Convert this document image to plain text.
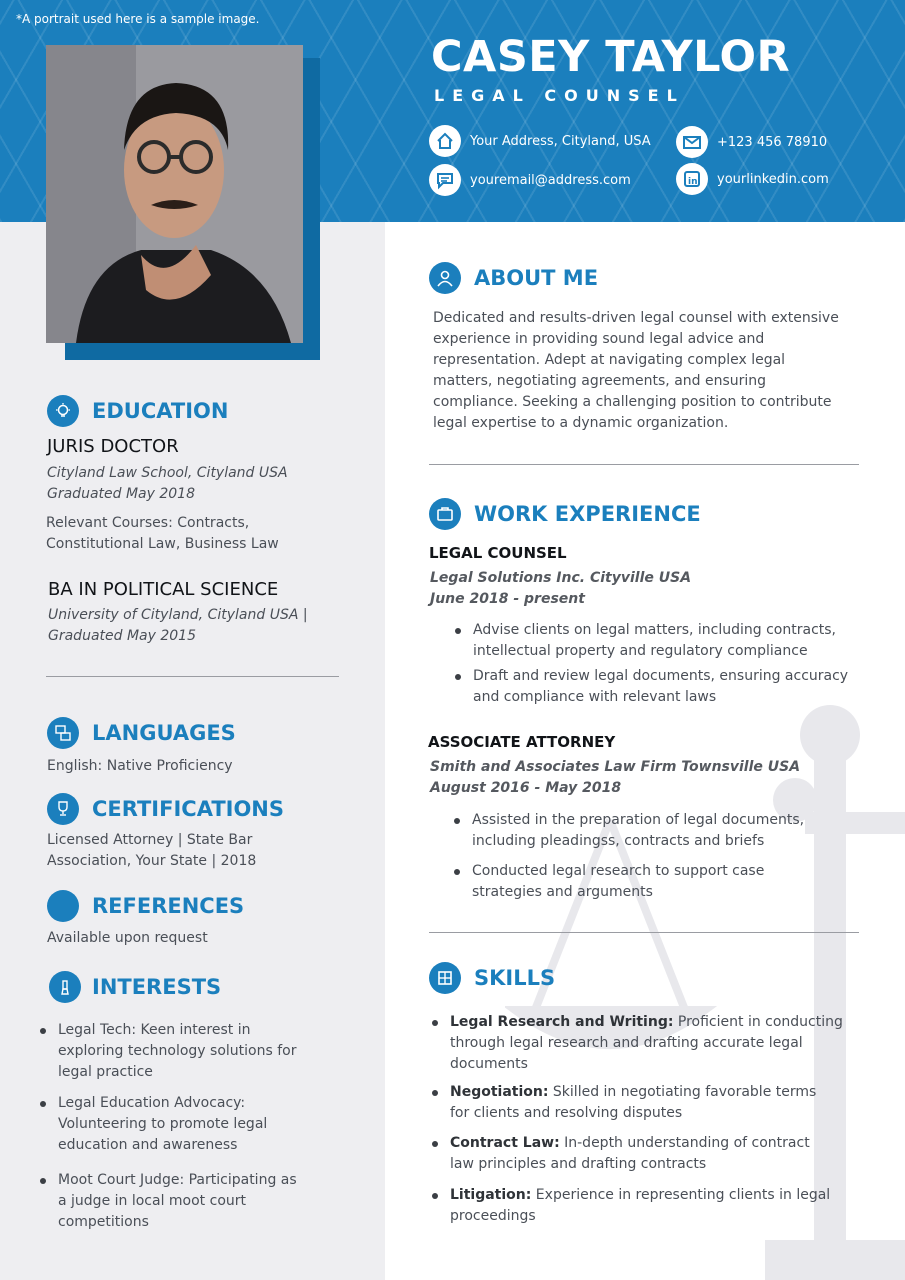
*A portrait used here is a sample image.
CASEY TAYLOR
LEGAL COUNSEL
Your Address, Cityland, USA	+123 456 78910
youremail@address.com	in yourlinkedin.com
ABOUT ME
Dedicated and results-driven legal counsel with extensive
experience in providing sound legal advice and
representation. Adept at navigating complex legal
matters, negotiating agreements, and ensuring
compliance. Seeking a challenging position to contribute
legal expertise to a dynamic organization.
WORK EXPERIENCE
LEGAL COUNSEL
Legal Solutions Inc. Cityville USA
June 2018 - present
Advise clients on legal matters, including contracts,
intellectual property and regulatory compliance
Draft and review legal documents, ensuring accuracy
and compliance with relevant laws
ASSOCIATE ATTORNEY
Smith and Associates Law Firm Townsville USA
August 2016 - May 2018
Assisted in the preparation of legal documents,
including pleadingss, contracts and briefs
Conducted legal research to support case
strategies and arguments
SKILLS
Legal Research and Writing: Proficient in conducting
through legal research and drafting accurate legal
documents
Negotiation: Skilled in negotiating favorable terms
for clients and resolving disputes
Contract Law: In-depth understanding of contract
law principles and drafting contracts
Litigation: Experience in representing clients in legal
proceedings
EDUCATION
JURIS DOCTOR
Cityland Law School, Cityland USA
Graduated May 2018
Relevant Courses: Contracts,
Constitutional Law, Business Law
BA IN POLITICAL SCIENCE
University of Cityland, Cityland USA |
Graduated May 2015
LANGUAGES
English: Native Proficiency
CERTIFICATIONS
Licensed Attorney | State Bar
Association, Your State | 2018
REFERENCES
Available upon request
INTERESTS
Legal Tech: Keen interest in
exploring technology solutions for
legal practice
Legal Education Advocacy:
Volunteering to promote legal
education and awareness
Moot Court Judge: Participating as
a judge in local moot court
competitions
